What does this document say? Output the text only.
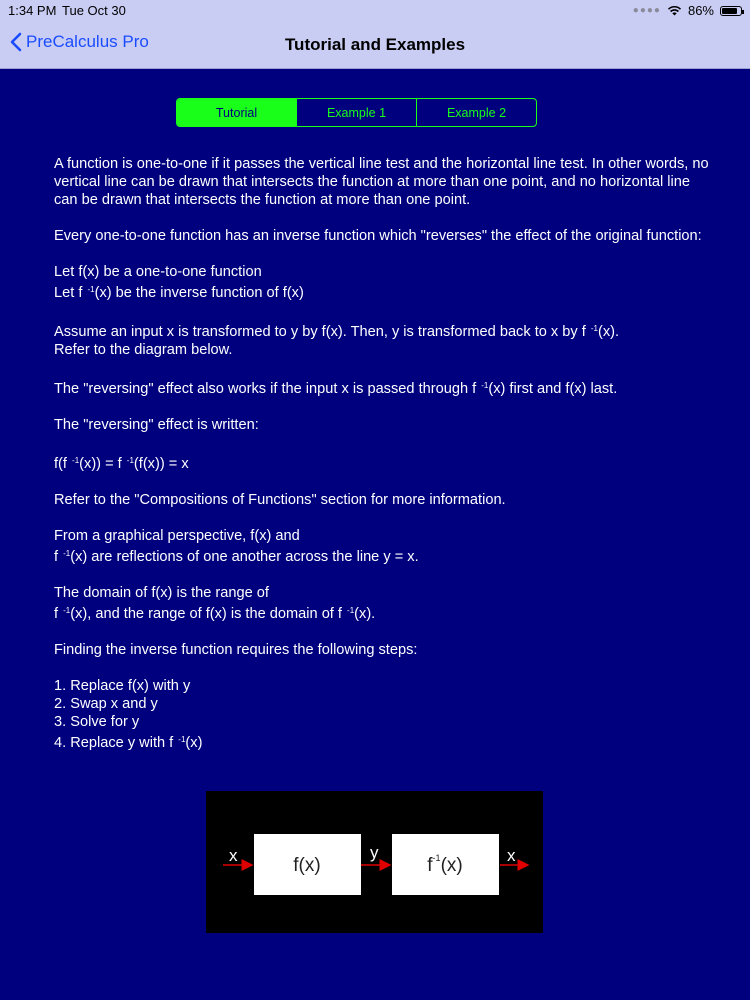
1:34 PM Tue Oct 30	●●●● 86%
PreCalculus Pro	Tutorial and Examples
Tutorial	Example 1	Example 2

A function is one-to-one if it passes the vertical line test and the horizontal line test. In other words, no vertical line can be drawn that intersects the function at more than one point, and no horizontal line can be drawn that intersects the function at more than one point.

Every one-to-one function has an inverse function which "reverses" the effect of the original function:

Let f(x) be a one-to-one function
Let f $^{-1}$(x) be the inverse function of f(x)

Assume an input x is transformed to y by f(x). Then, y is transformed back to x by f $^{-1}$(x).
Refer to the diagram below.

The "reversing" effect also works if the input x is passed through f $^{-1}$(x) first and f(x) last.

The "reversing" effect is written:

f(f $^{-1}$(x)) = f $^{-1}$(f(x)) = x

Refer to the "Compositions of Functions" section for more information.

From a graphical perspective, f(x) and
f $^{-1}$(x) are reflections of one another across the line y = x.

The domain of f(x) is the range of
f $^{-1}$(x), and the range of f(x) is the domain of f $^{-1}$(x).

Finding the inverse function requires the following steps:

1. Replace f(x) with y
2. Swap x and y
3. Solve for y
4. Replace y with f $^{-1}$(x)

x	f(x)
y
$f^{-1}(x)$	x
